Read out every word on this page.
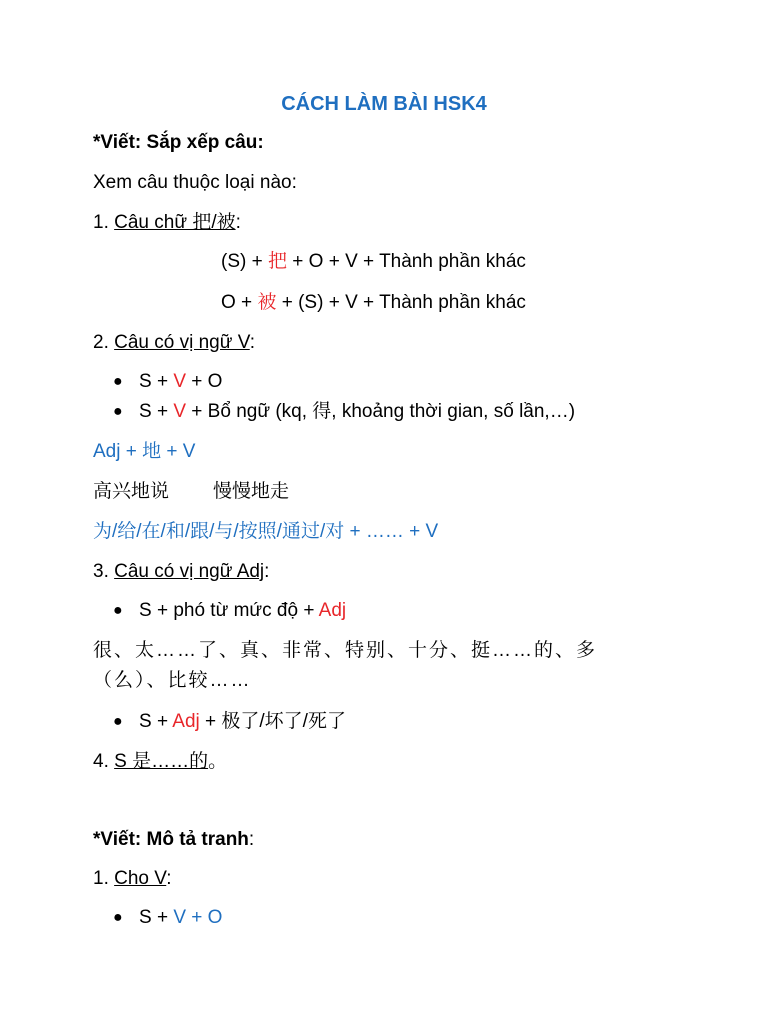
CÁCH LÀM BÀI HSK4
*Viết: Sắp xếp câu:
Xem câu thuộc loại nào:
1. Câu chữ 把/被:
(S) + 把 + O + V + Thành phần khác
O + 被 + (S) + V + Thành phần khác
2. Câu có vị ngữ V:
● S + V + O
● S + V + Bổ ngữ (kq, 得, khoảng thời gian, số lần,…)
Adj + 地 + V
高兴地说 慢慢地走
为/给/在/和/跟/与/按照/通过/对 + …… + V
3. Câu có vị ngữ Adj:
● S + phó từ mức độ + Adj
很、太……了、真、非常、特别、十分、挺……的、多
（么）、比较……
● S + Adj + 极了/坏了/死了
4. S 是……的。
*Viết: Mô tả tranh:
1. Cho V:
● S + V + O
